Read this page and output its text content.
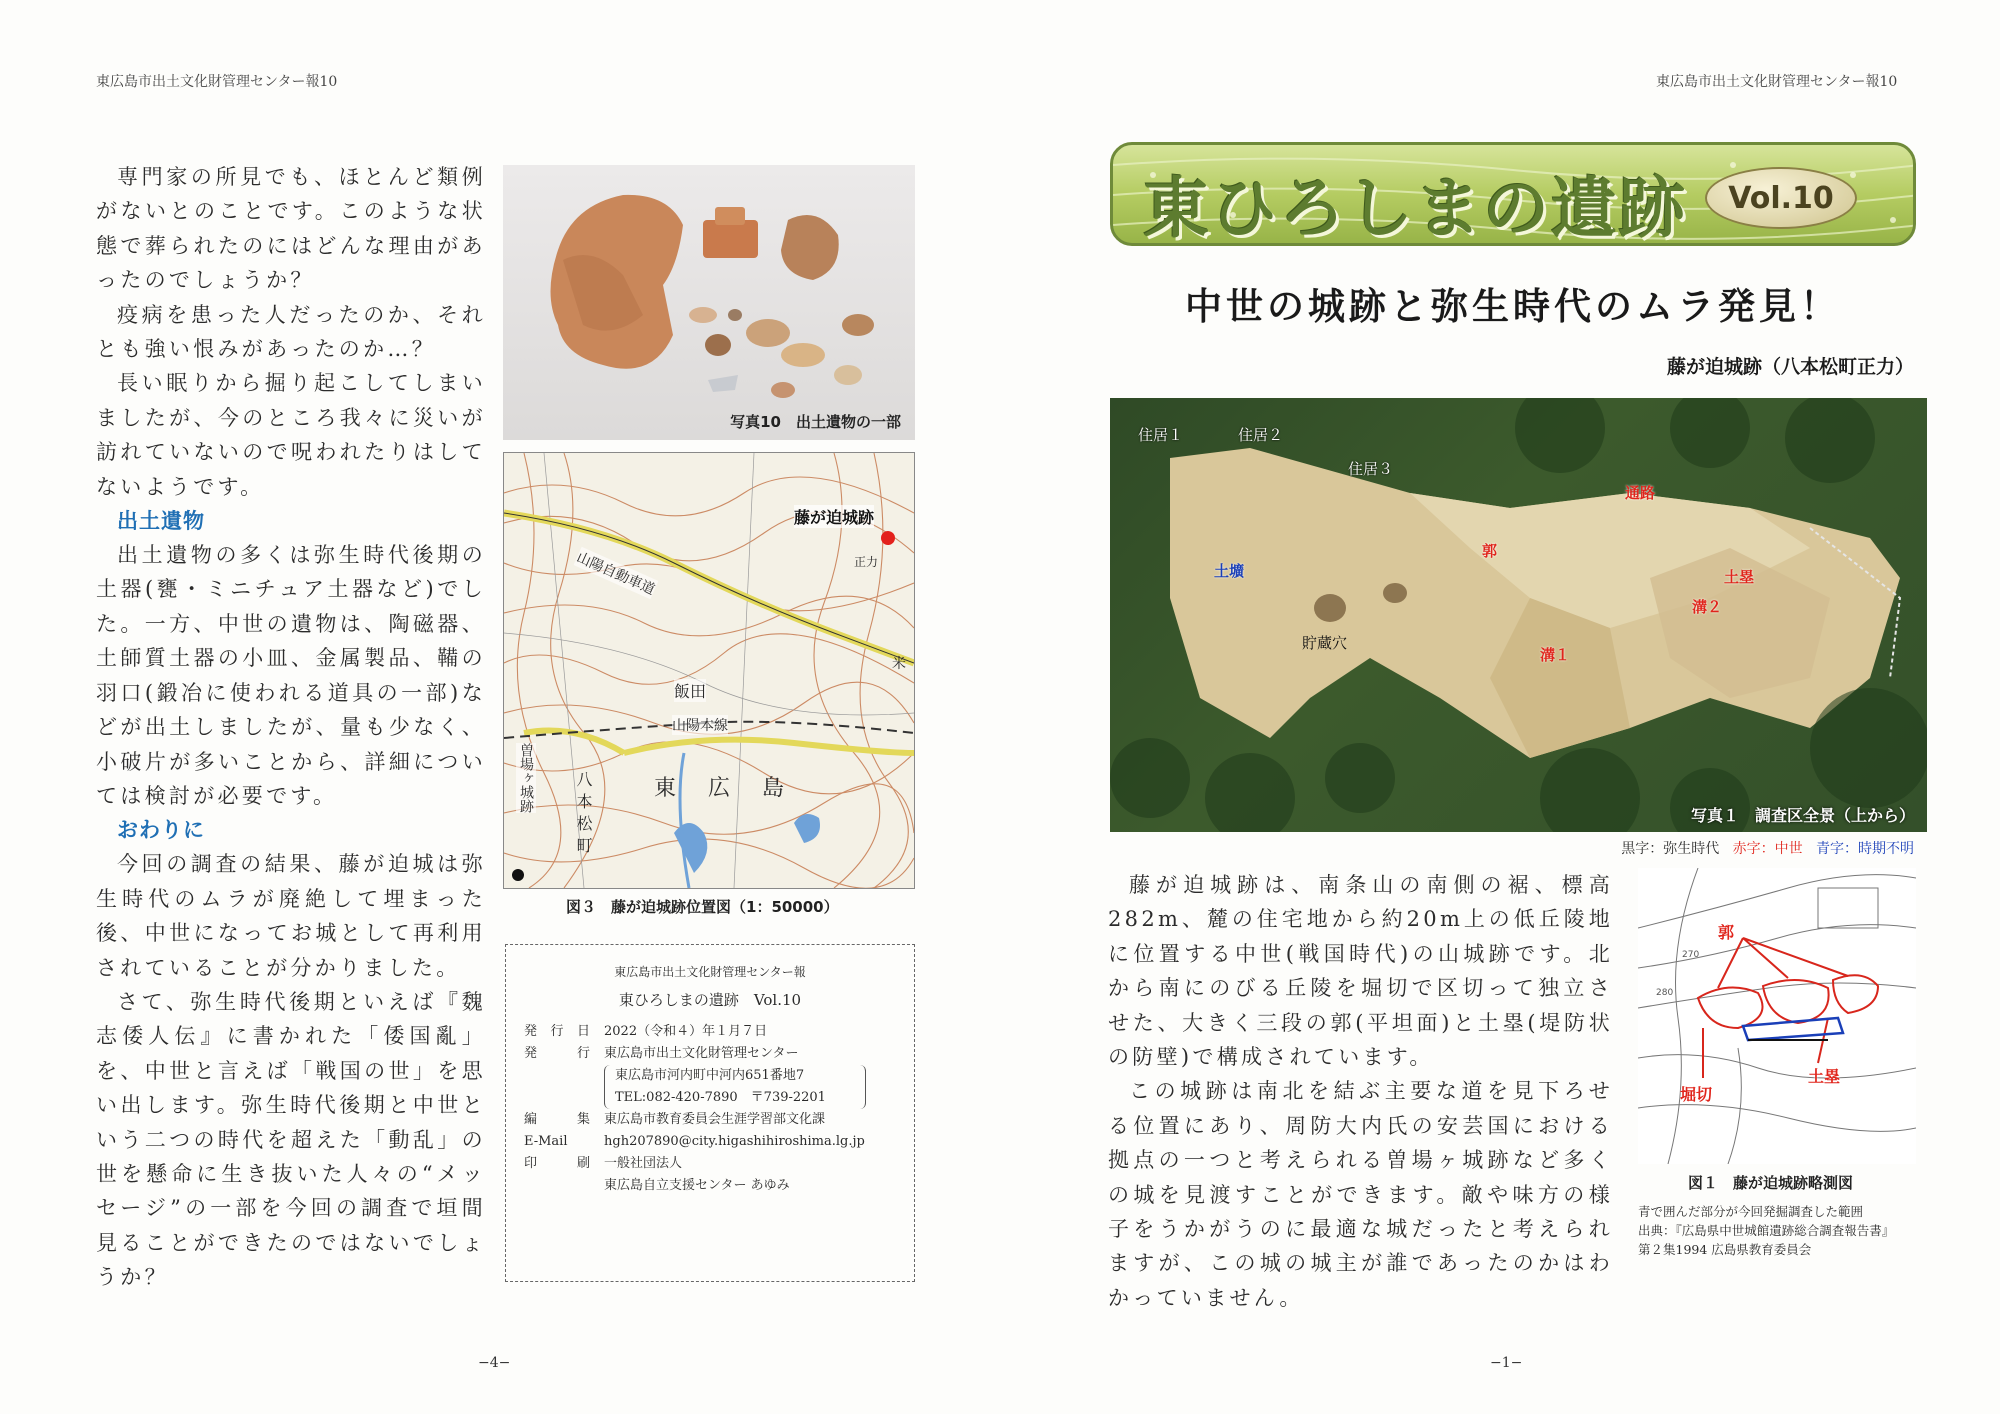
東広島市出土文化財管理センター報10	東広島市出土文化財管理センター報10

専門家の所見でも、ほとんど類例がないとのことです。このような状態で葬られたのにはどんな理由があったのでしょうか？

疫病を患った人だったのか、それとも強い恨みがあったのか…？

長い眠りから掘り起こしてしまいましたが、今のところ我々に災いが訪れていないので呪われたりはしてないようです。

出土遺物

出土遺物の多くは弥生時代後期の土器(甕・ミニチュア土器など)でした。一方、中世の遺物は、陶磁器、土師質土器の小皿、金属製品、鞴の羽口(鍛冶に使われる道具の一部)などが出土しましたが、量も少なく、小破片が多いことから、詳細については検討が必要です。

おわりに

今回の調査の結果、藤が迫城は弥生時代のムラが廃絶して埋まった後、中世になってお城として再利用されていることが分かりました。

さて、弥生時代後期といえば『魏志倭人伝』に書かれた「倭国亂」を、中世と言えば「戦国の世」を思い出します。弥生時代後期と中世という二つの時代を超えた「動乱」の世を懸命に生き抜いた人々の“メッセージ”の一部を今回の調査で垣間見ることができたのではないでしょうか？

写真10　出土遺物の一部
藤が迫城跡
山陽自動車道
山陽本線
飯田
東広島
八本松町
曽場ヶ城跡
米
正力
図３　藤が迫城跡位置図（1：50000）
東広島市出土文化財管理センター報
東ひろしまの遺跡　Vol.10
発行日 2022（令和４）年１月７日
発　行 東広島市出土文化財管理センター
東広島市河内町中河内651番地7
TEL:082-420-7890　〒739-2201
編　集 東広島市教育委員会生涯学習部文化課
E-Mail	hgh207890@city.higashihiroshima.lg.jp
印　刷 一般社団法人
東広島自立支援センター あゆみ
−4−
東ひろしまの遺跡	Vol.10
中世の城跡と弥生時代のムラ発見！
藤が迫城跡（八本松町正力）
住居１	住居２
住居３
土壙
貯蔵穴
通路
郭
土塁
溝２
溝１
写真１　調査区全景（上から）
黒字：弥生時代 赤字：中世 青字：時期不明

藤が迫城跡は、南条山の南側の裾、標高282m、麓の住宅地から約20m上の低丘陵地に位置する中世(戦国時代)の山城跡です。北から南にのびる丘陵を堀切で区切って独立させた、大きく三段の郭(平坦面)と土塁(堤防状の防壁)で構成されています。

この城跡は南北を結ぶ主要な道を見下ろせる位置にあり、周防大内氏の安芸国における拠点の一つと考えられる曽場ヶ城跡など多くの城を見渡すことができます。敵や味方の様子をうかがうのに最適な城だったと考えられますが、この城の城主が誰であったのかはわかっていません。

郭
堀切
土塁
270
280
図１　藤が迫城跡略測図
青で囲んだ部分が今回発掘調査した範囲
出典：『広島県中世城館遺跡総合調査報告書』
第２集1994 広島県教育委員会
−1−
